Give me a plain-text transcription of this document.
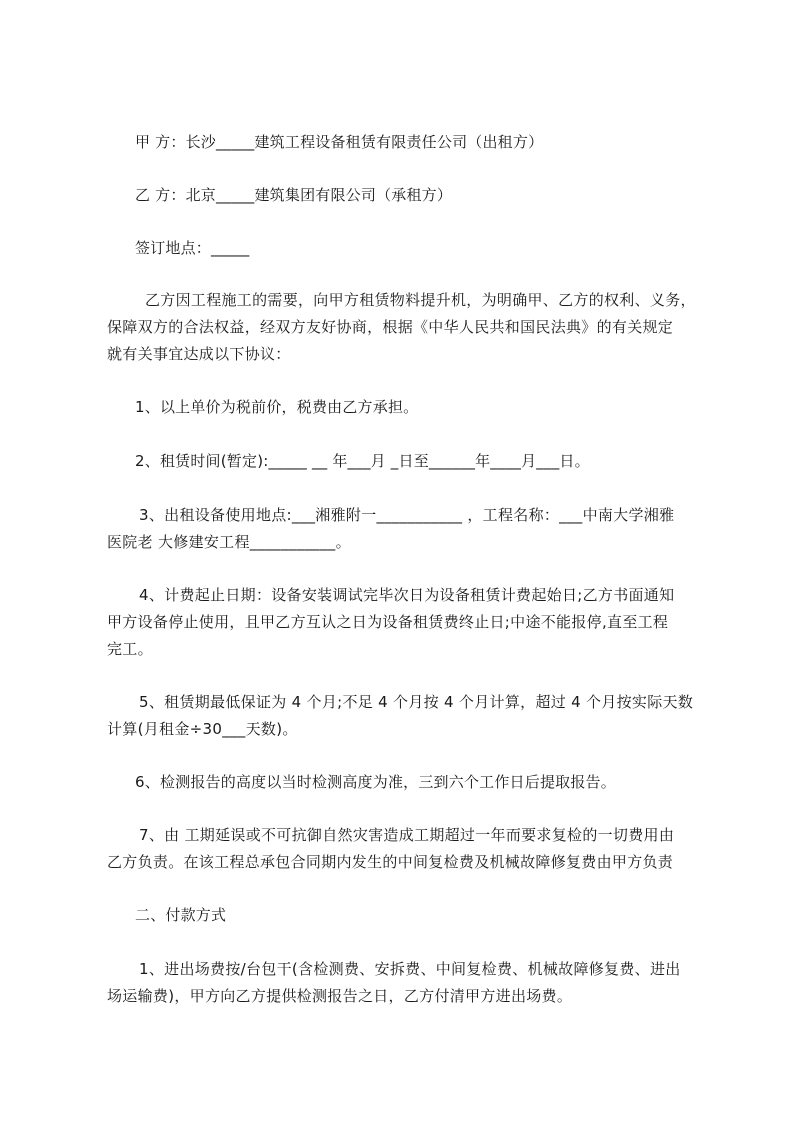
甲 方：长沙_____建筑工程设备租赁有限责任公司（出租方）

乙 方：北京_____建筑集团有限公司（承租方）

签订地点：_____

乙方因工程施工的需要，向甲方租赁物料提升机，为明确甲、乙方的权利、义务，
保障双方的合法权益，经双方友好协商，根据《中华人民共和国民法典》的有关规定
就有关事宜达成以下协议：

1、以上单价为税前价，税费由乙方承担。

2、租赁时间(暂定):_____ __ 年___月 _日至______年____月___日。

3、出租设备使用地点:___湘雅附一___________ ，工程名称：___中南大学湘雅
医院老 大修建安工程___________。
4、计费起止日期：设备安装调试完毕次日为设备租赁计费起始日;乙方书面通知
甲方设备停止使用，且甲乙方互认之日为设备租赁费终止日;中途不能报停,直至工程
完工。
5、租赁期最低保证为 4 个月;不足 4 个月按 4 个月计算，超过 4 个月按实际天数
计算(月租金÷30___天数)。

6、检测报告的高度以当时检测高度为准，三到六个工作日后提取报告。

7、由 工期延误或不可抗御自然灾害造成工期超过一年而要求复检的一切费用由
乙方负责。在该工程总承包合同期内发生的中间复检费及机械故障修复费由甲方负责

二、付款方式

1、进出场费按/台包干(含检测费、安拆费、中间复检费、机械故障修复费、进出
场运输费)，甲方向乙方提供检测报告之日，乙方付清甲方进出场费。
